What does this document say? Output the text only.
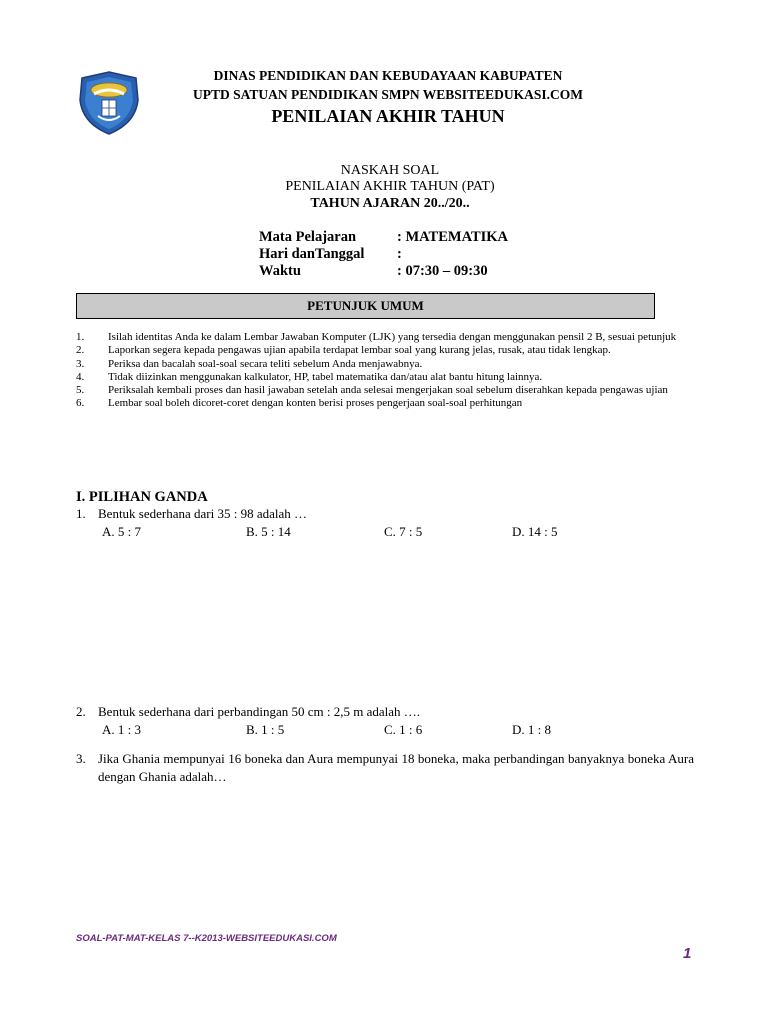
DINAS PENDIDIKAN DAN KEBUDAYAAN KABUPATEN
UPTD SATUAN PENDIDIKAN SMPN WEBSITEEDUKASI.COM
PENILAIAN AKHIR TAHUN
NASKAH SOAL
PENILAIAN AKHIR TAHUN (PAT)
TAHUN AJARAN 20../20..
Mata Pelajaran	: MATEMATIKA
Hari danTanggal :
Waktu	: 07:30 – 09:30
PETUNJUK UMUM
1. Isilah identitas Anda ke dalam Lembar Jawaban Komputer (LJK) yang tersedia dengan menggunakan pensil 2 B, sesuai petunjuk
2. Laporkan segera kepada pengawas ujian apabila terdapat lembar soal yang kurang jelas, rusak, atau tidak lengkap.
3. Periksa dan bacalah soal-soal secara teliti sebelum Anda menjawabnya.
4. Tidak diizinkan menggunakan kalkulator, HP, tabel matematika dan/atau alat bantu hitung lainnya.
5. Periksalah kembali proses dan hasil jawaban setelah anda selesai mengerjakan soal sebelum diserahkan kepada pengawas ujian
6. Lembar soal boleh dicoret-coret dengan konten berisi proses pengerjaan soal-soal perhitungan
I. PILIHAN GANDA
1. Bentuk sederhana dari 35 : 98 adalah …
A. 5 : 7	B. 5 : 14	C. 7 : 5	D. 14 : 5
2. Bentuk sederhana dari perbandingan 50 cm : 2,5 m adalah ….
A. 1 : 3	B. 1 : 5	C. 1 : 6	D. 1 : 8
3. Jika Ghania mempunyai 16 boneka dan Aura mempunyai 18 boneka, maka perbandingan banyaknya boneka Aura dengan Ghania adalah…
SOAL-PAT-MAT-KELAS 7--K2013-WEBSITEEDUKASI.COM
1
